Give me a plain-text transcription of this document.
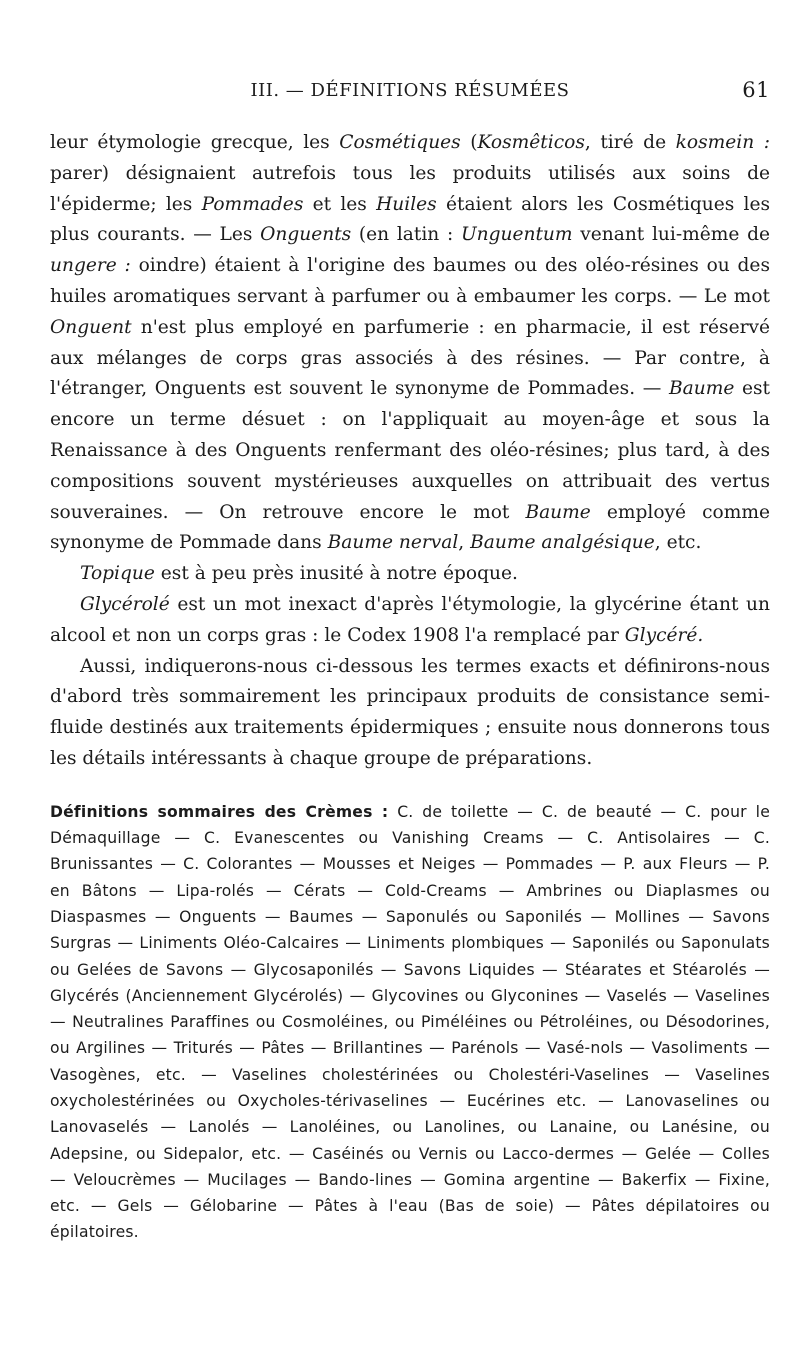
III. — DÉFINITIONS RÉSUMÉES	61

leur étymologie grecque, les Cosmétiques (Kosmêticos, tiré de kosmein : parer) désignaient autrefois tous les produits utilisés aux soins de l'épiderme; les Pommades et les Huiles étaient alors les Cosmétiques les plus courants. — Les Onguents (en latin : Unguentum venant lui-même de ungere : oindre) étaient à l'origine des baumes ou des oléo-résines ou des huiles aromatiques servant à parfumer ou à embaumer les corps. — Le mot Onguent n'est plus employé en parfumerie : en pharmacie, il est réservé aux mélanges de corps gras associés à des résines. — Par contre, à l'étranger, Onguents est souvent le synonyme de Pommades. — Baume est encore un terme désuet : on l'appliquait au moyen-âge et sous la Renaissance à des Onguents renfermant des oléo-résines; plus tard, à des compositions souvent mystérieuses auxquelles on attribuait des vertus souveraines. — On retrouve encore le mot Baume employé comme synonyme de Pommade dans Baume nerval, Baume analgésique, etc.

Topique est à peu près inusité à notre époque.

Glycérolé est un mot inexact d'après l'étymologie, la glycérine étant un alcool et non un corps gras : le Codex 1908 l'a remplacé par Glycéré.

Aussi, indiquerons-nous ci-dessous les termes exacts et définirons-nous d'abord très sommairement les principaux produits de consistance semi-fluide destinés aux traitements épidermiques ; ensuite nous donnerons tous les détails intéressants à chaque groupe de préparations.

Définitions sommaires des Crèmes : C. de toilette — C. de beauté — C. pour le Démaquillage — C. Evanescentes ou Vanishing Creams — C. Antisolaires — C. Brunissantes — C. Colorantes — Mousses et Neiges — Pommades — P. aux Fleurs — P. en Bâtons — Lipa-rolés — Cérats — Cold-Creams — Ambrines ou Diaplasmes ou Diaspasmes — Onguents — Baumes — Saponulés ou Saponilés — Mollines — Savons Surgras — Liniments Oléo-Calcaires — Liniments plombiques — Saponilés ou Saponulats ou Gelées de Savons — Glycosaponilés — Savons Liquides — Stéarates et Stéarolés — Glycérés (Anciennement Glycérolés) — Glycovines ou Glyconines — Vaselés — Vaselines — Neutralines Paraffines ou Cosmoléines, ou Piméléines ou Pétroléines, ou Désodorines, ou Argilines — Triturés — Pâtes — Brillantines — Parénols — Vasé-nols — Vasoliments — Vasogènes, etc. — Vaselines cholestérinées ou Cholestéri-Vaselines — Vaselines oxycholestérinées ou Oxycholes-térivaselines — Eucérines etc. — Lanovaselines ou Lanovaselés — Lanolés — Lanoléines, ou Lanolines, ou Lanaine, ou Lanésine, ou Adepsine, ou Sidepalor, etc. — Caséinés ou Vernis ou Lacco-dermes — Gelée — Colles — Veloucrèmes — Mucilages — Bando-lines — Gomina argentine — Bakerfix — Fixine, etc. — Gels — Gélobarine — Pâtes à l'eau (Bas de soie) — Pâtes dépilatoires ou épilatoires.
